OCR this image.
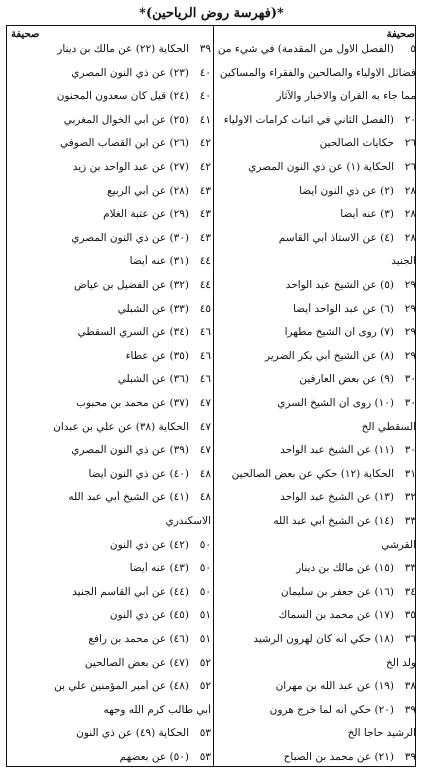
*(فهرسة روض الرياحين)*
صحيفة
٥
(الفصل الاول من المقدمة) في شيء من
فضائل الاولياء والصالحين والفقراء والمساكين
مما جاء به القرآن والاخبار والآثار
٢٠
(الفصل الثاني في اثبات كرامات الاولياء
٢٦
حكايات الصالحين
٢٦
الحكاية (١) عن ذي النون المصري
٢٨
(٢) عن ذي النون أيضا
٢٨
(٣) عنه أيضا
٢٨
(٤) عن الاستاذ أبي القاسم
الجنيد
٢٩
(٥) عن الشيخ عبد الواحد
٢٩
(٦) عن عبد الواحد أيضا
٢٩
(٧) روى ان الشيخ مطهرا
٢٩
(٨) عن الشيخ أبي بكر الضرير
٣٠
(٩) عن بعض العارفين
٣٠
(١٠) روى أن الشيخ السري
السقطي الخ
٣٠
(١١) عن الشيخ عبد الواحد
٣١
الحكاية (١٢) حكي عن بعض الصالحين
٣٢
(١٣) عن الشيخ عبد الواحد
٣٣
(١٤) عن الشيخ أبي عبد الله
القرشي
٣٣
(١٥) عن مالك بن دينار
٣٤
(١٦) عن جعفر بن سليمان
٣٥
(١٧) عن محمد بن السماك
٣٦
(١٨) حكي أنه كان لهرون الرشيد
ولد الخ
٣٨
(١٩) عن عبد الله بن مهران
٣٩
(٢٠) حكي أنه لما خرج هرون
الرشيد حاجا الخ
٣٩
(٢١) عن محمد بن الصباح
صحيفة
٣٩
الحكاية (٢٢) عن مالك بن دينار
٤٠
(٢٣) عن ذي النون المصري
٤٠
(٢٤) قيل كان سعدون المجنون
٤١
(٢٥) عن أبي الخوال المغربي
٤٢
(٢٦) عن ابن القصاب الصوفي
٤٢
(٢٧) عن عبد الواحد بن زيد
٤٣
(٢٨) عن أبي الربيع
٤٣
(٢٩) عن عتبة الغلام
٤٣
(٣٠) عن ذي النون المصري
٤٤
(٣١) عنه أيضا
٤٤
(٣٢) عن الفضيل بن عياض
٤٥
(٣٣) عن الشبلي
٤٦
(٣٤) عن السري السقطي
٤٦
(٣٥) عن عطاء
٤٦
(٣٦) عن الشبلي
٤٧
(٣٧) عن محمد بن محبوب
٤٧
الحكاية (٣٨) عن علي بن عبدان
٤٧
(٣٩) عن ذي النون المصري
٤٨
(٤٠) عن ذي النون أيضا
٤٨
(٤١) عن الشيخ أبي عبد الله
الاسكندري
٥٠
(٤٢) عن ذي النون
٥٠
(٤٣) عنه أيضا
٥٠
(٤٤) عن أبي القاسم الجنيد
٥١
(٤٥) عن ذي النون
٥١
(٤٦) عن محمد بن رافع
٥٢
(٤٧) عن بعض الصالحين
٥٢
(٤٨) عن أمير المؤمنين علي بن
أبي طالب كرم الله وجهه
٥٣
الحكاية (٤٩) عن ذي النون
٥٣
(٥٠) عن بعضهم
